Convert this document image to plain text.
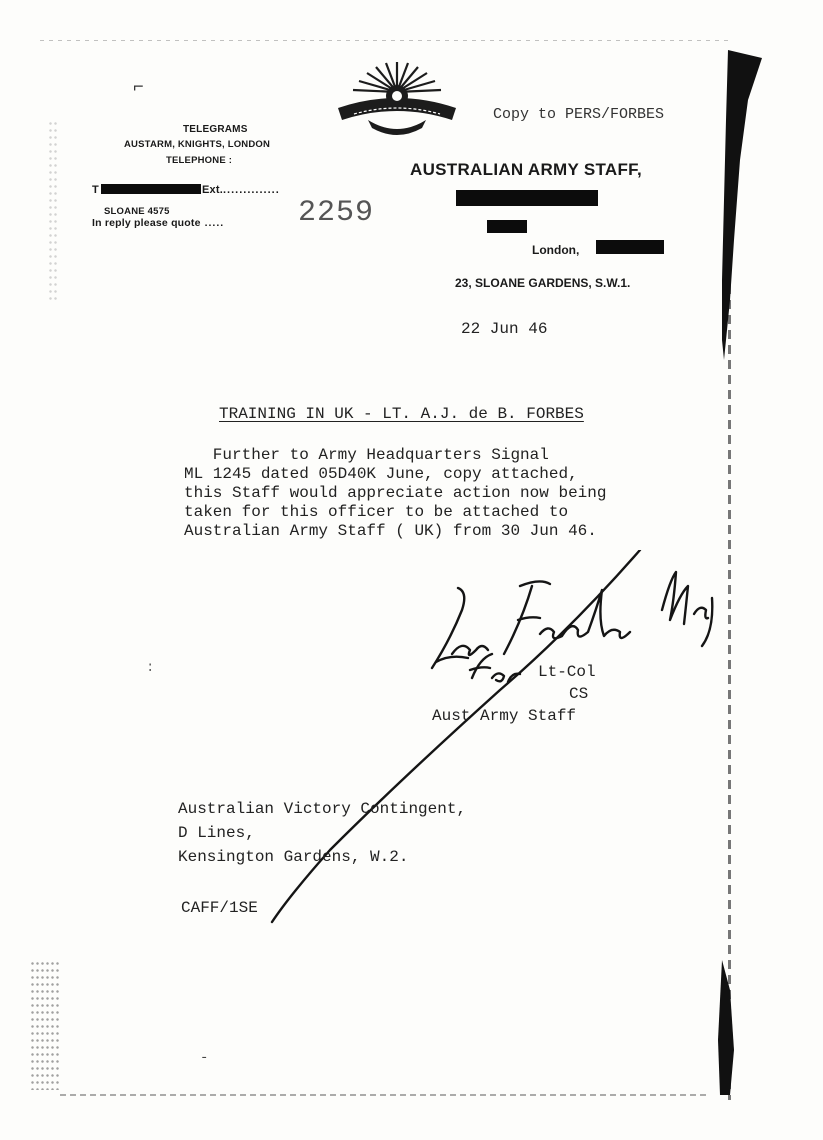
⌐
TELEGRAMS
AUSTARM, KNIGHTS, LONDON
TELEPHONE :
T	Ext...............
SLOANE 4575
In reply please quote ..... 2259
Copy to PERS/FORBES
AUSTRALIAN ARMY STAFF,
London,
23, SLOANE GARDENS, S.W.1.
22 Jun 46
TRAINING IN UK - LT. A.J. de B. FORBES
Further to Army Headquarters Signal
ML 1245 dated 05D40K June, copy attached,
this Staff would appreciate action now being
taken for this officer to be attached to
Australian Army Staff ( UK) from 30 Jun 46.
Lt-Col
CS
Aust Army Staff
Australian Victory Contingent,
D Lines,
Kensington Gardens, W.2.
CAFF/1SE
:
-
